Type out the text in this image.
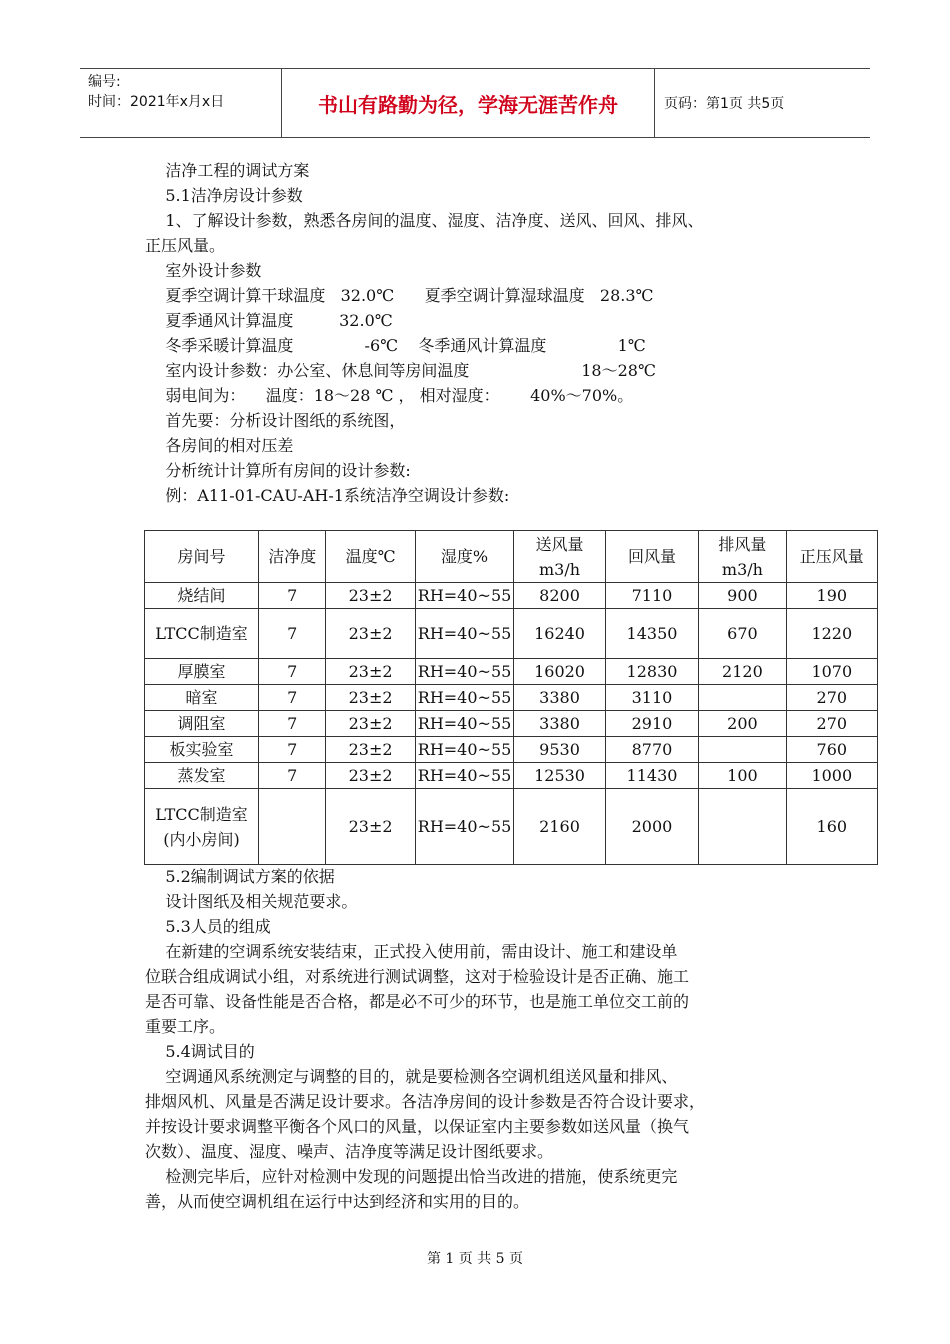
编号:
时间：2021年x月x日	书山有路勤为径，学海无涯苦作舟	页码：第1页 共5页
洁净工程的调试方案
5.1洁净房设计参数
1、了解设计参数，熟悉各房间的温度、湿度、洁净度、送风、回风、排风、
正压风量。
室外设计参数
夏季空调计算干球温度   32.0℃      夏季空调计算湿球温度   28.3℃
夏季通风计算温度         32.0℃
冬季采暖计算温度              -6℃    冬季通风计算温度              1℃
室内设计参数：办公室、休息间等房间温度                      18～28℃
弱电间为：    温度：18～28 ℃ ， 相对湿度：      40%～70%。
首先要：分析设计图纸的系统图，
各房间的相对压差
分析统计计算所有房间的设计参数:
例：A11-01-CAU-AH-1系统洁净空调设计参数:
房间号	洁净度	温度℃	湿度%	送风量m3/h	回风量	排风量m3/h	正压风量
烧结间	7	23±2	RH=40~55	8200	7110	900	190
LTCC制造室	7	23±2	RH=40~55	16240	14350	670	1220
厚膜室	7	23±2	RH=40~55	16020	12830	2120	1070
暗室	7	23±2	RH=40~55	3380	3110		270
调阻室	7	23±2	RH=40~55	3380	2910	200	270
板实验室	7	23±2	RH=40~55	9530	8770		760
蒸发室	7	23±2	RH=40~55	12530	11430	100	1000
LTCC制造室(内小房间)		23±2	RH=40~55	2160	2000		160
5.2编制调试方案的依据
设计图纸及相关规范要求。
5.3人员的组成
在新建的空调系统安装结束，正式投入使用前，需由设计、施工和建设单
位联合组成调试小组，对系统进行测试调整，这对于检验设计是否正确、施工
是否可靠、设备性能是否合格，都是必不可少的环节，也是施工单位交工前的
重要工序。
5.4调试目的
空调通风系统测定与调整的目的，就是要检测各空调机组送风量和排风、
排烟风机、风量是否满足设计要求。各洁净房间的设计参数是否符合设计要求，
并按设计要求调整平衡各个风口的风量，以保证室内主要参数如送风量（换气
次数）、温度、湿度、噪声、洁净度等满足设计图纸要求。
检测完毕后，应针对检测中发现的问题提出恰当改进的措施，使系统更完
善，从而使空调机组在运行中达到经济和实用的目的。
第 1 页 共 5 页
